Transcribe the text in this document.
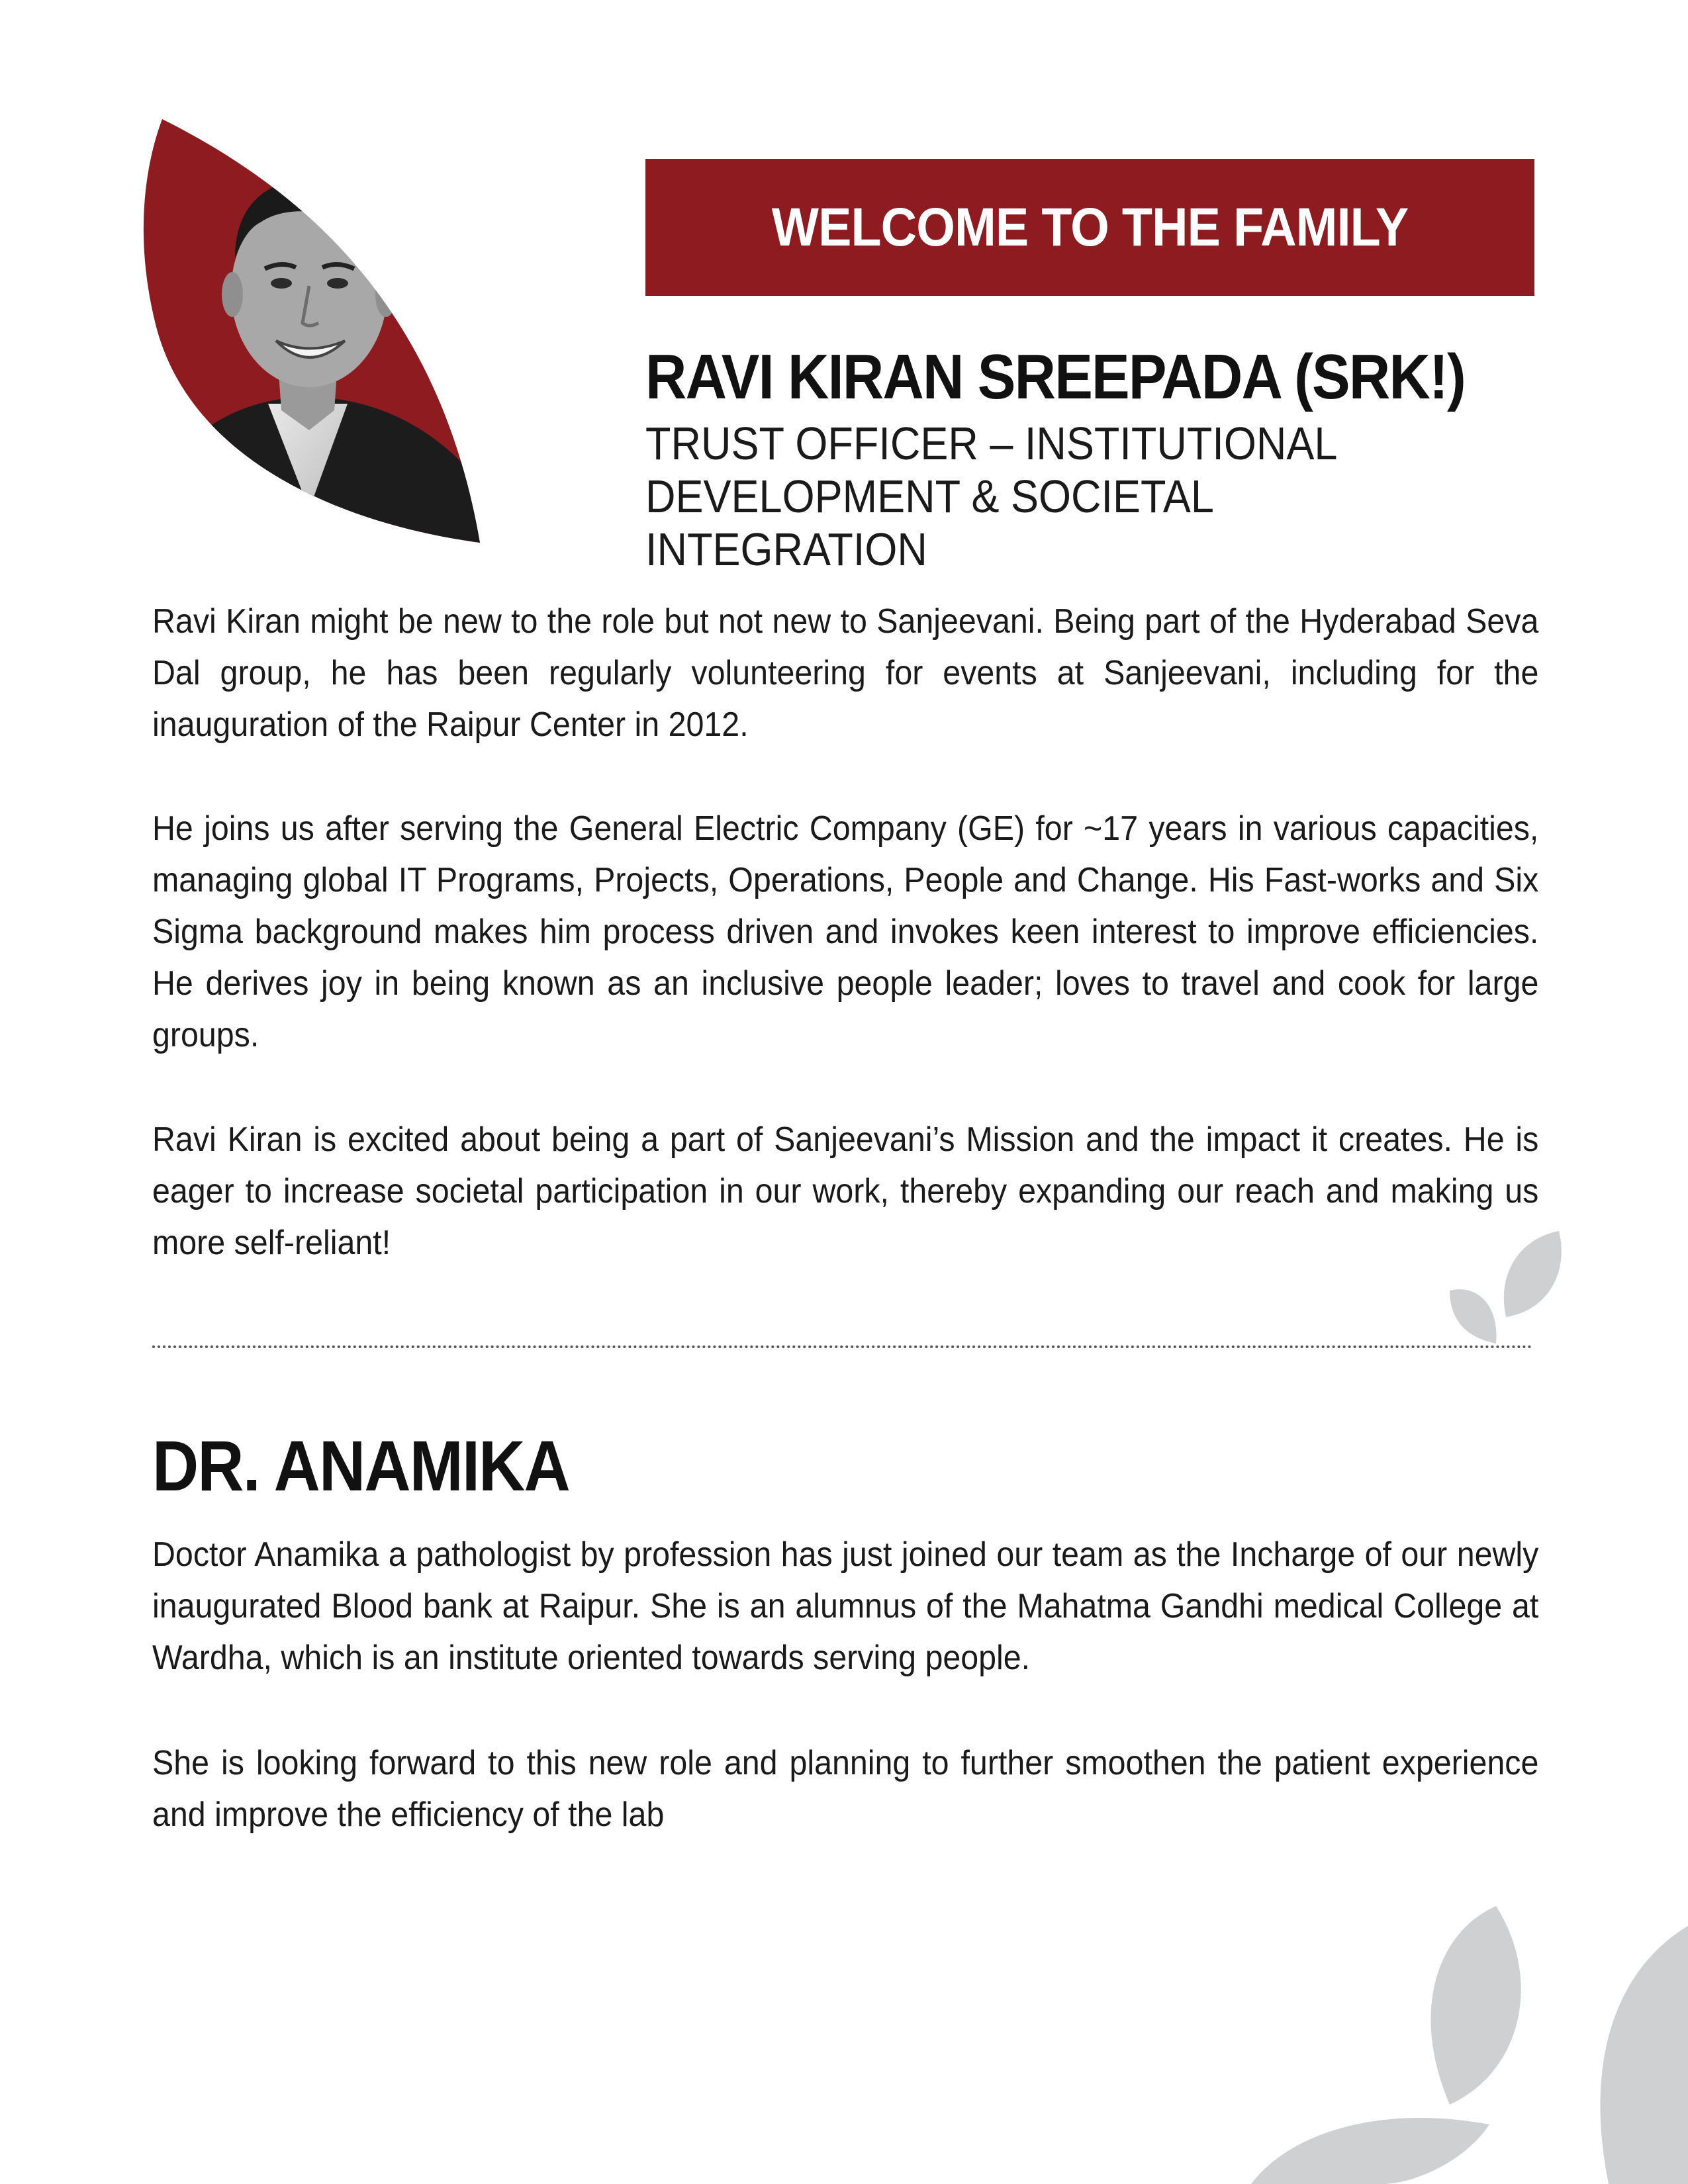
WELCOME TO THE FAMILY
RAVI KIRAN SREEPADA (SRK!)
TRUST OFFICER – INSTITUTIONAL
DEVELOPMENT & SOCIETAL INTEGRATION
Ravi Kiran might be new to the role but not new to Sanjeevani. Being part of the Hyderabad Seva Dal group, he has been regularly volunteering for events at Sanjeevani, including for the inauguration of the Raipur Center in 2012.
He joins us after serving the General Electric Company (GE) for ~17 years in various capacities, managing global IT Programs, Projects, Operations, People and Change. His Fast-works and Six Sigma background makes him process driven and invokes keen interest to improve efficiencies. He derives joy in being known as an inclusive people leader; loves to travel and cook for large groups.
Ravi Kiran is excited about being a part of Sanjeevani’s Mission and the impact it creates. He is eager to increase societal participation in our work, thereby expanding our reach and making us more self-reliant!
DR. ANAMIKA
Doctor Anamika a pathologist by profession has just joined our team as the Incharge of our newly inaugurated Blood bank at Raipur. She is an alumnus of the Mahatma Gandhi medical College at Wardha, which is an institute oriented towards serving people.
She is looking forward to this new role and planning to further smoothen the patient experience and improve the efficiency of the lab
